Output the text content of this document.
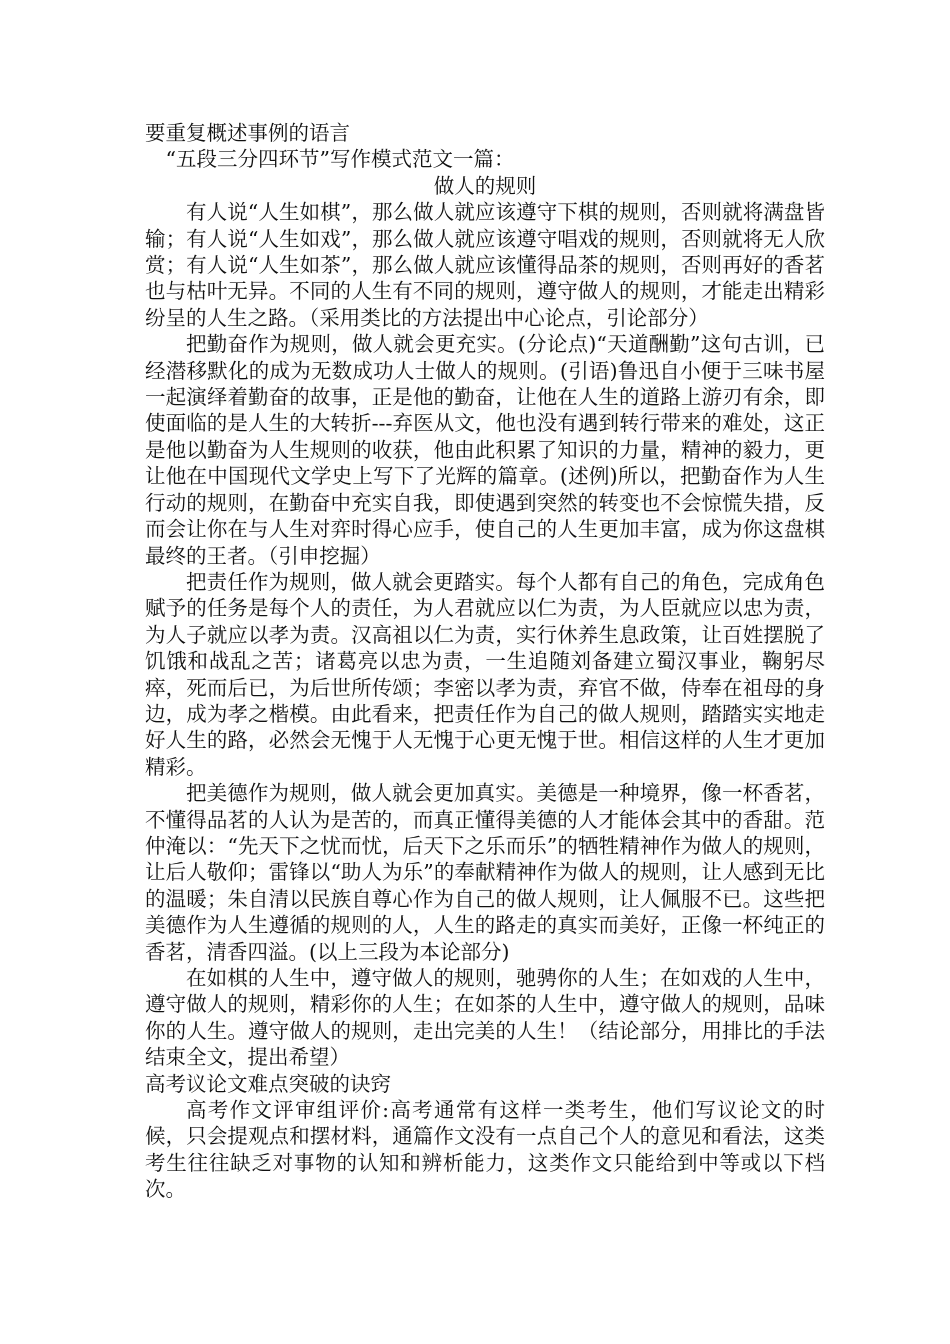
要重复概述事例的语言

“五段三分四环节”写作模式范文一篇：

做人的规则

有人说“人生如棋”，那么做人就应该遵守下棋的规则，否则就将满盘皆输；有人说“人生如戏”，那么做人就应该遵守唱戏的规则，否则就将无人欣赏；有人说“人生如茶”，那么做人就应该懂得品茶的规则，否则再好的香茗也与枯叶无异。不同的人生有不同的规则，遵守做人的规则，才能走出精彩纷呈的人生之路。（采用类比的方法提出中心论点，引论部分）

把勤奋作为规则，做人就会更充实。(分论点)“天道酬勤”这句古训，已经潜移默化的成为无数成功人士做人的规则。(引语)鲁迅自小便于三味书屋一起演绎着勤奋的故事，正是他的勤奋，让他在人生的道路上游刃有余，即使面临的是人生的大转折---弃医从文，他也没有遇到转行带来的难处，这正是他以勤奋为人生规则的收获，他由此积累了知识的力量，精神的毅力，更让他在中国现代文学史上写下了光辉的篇章。(述例)所以，把勤奋作为人生行动的规则，在勤奋中充实自我，即使遇到突然的转变也不会惊慌失措，反而会让你在与人生对弈时得心应手，使自己的人生更加丰富，成为你这盘棋最终的王者。（引申挖掘）

把责任作为规则，做人就会更踏实。每个人都有自己的角色，完成角色赋予的任务是每个人的责任，为人君就应以仁为责，为人臣就应以忠为责，为人子就应以孝为责。汉高祖以仁为责，实行休养生息政策，让百姓摆脱了饥饿和战乱之苦；诸葛亮以忠为责，一生追随刘备建立蜀汉事业，鞠躬尽瘁，死而后已，为后世所传颂；李密以孝为责，弃官不做，侍奉在祖母的身边，成为孝之楷模。由此看来，把责任作为自己的做人规则，踏踏实实地走好人生的路，必然会无愧于人无愧于心更无愧于世。相信这样的人生才更加精彩。

把美德作为规则，做人就会更加真实。美德是一种境界，像一杯香茗，不懂得品茗的人认为是苦的，而真正懂得美德的人才能体会其中的香甜。范仲淹以：“先天下之忧而忧，后天下之乐而乐”的牺牲精神作为做人的规则，让后人敬仰；雷锋以“助人为乐”的奉献精神作为做人的规则，让人感到无比的温暖；朱自清以民族自尊心作为自己的做人规则，让人佩服不已。这些把美德作为人生遵循的规则的人，人生的路走的真实而美好，正像一杯纯正的香茗，清香四溢。(以上三段为本论部分)

在如棋的人生中，遵守做人的规则，驰骋你的人生；在如戏的人生中，遵守做人的规则，精彩你的人生；在如茶的人生中，遵守做人的规则，品味你的人生。遵守做人的规则，走出完美的人生！（结论部分，用排比的手法结束全文，提出希望）

高考议论文难点突破的诀窍

高考作文评审组评价:高考通常有这样一类考生，他们写议论文的时候，只会提观点和摆材料，通篇作文没有一点自己个人的意见和看法，这类考生往往缺乏对事物的认知和辨析能力，这类作文只能给到中等或以下档次。
